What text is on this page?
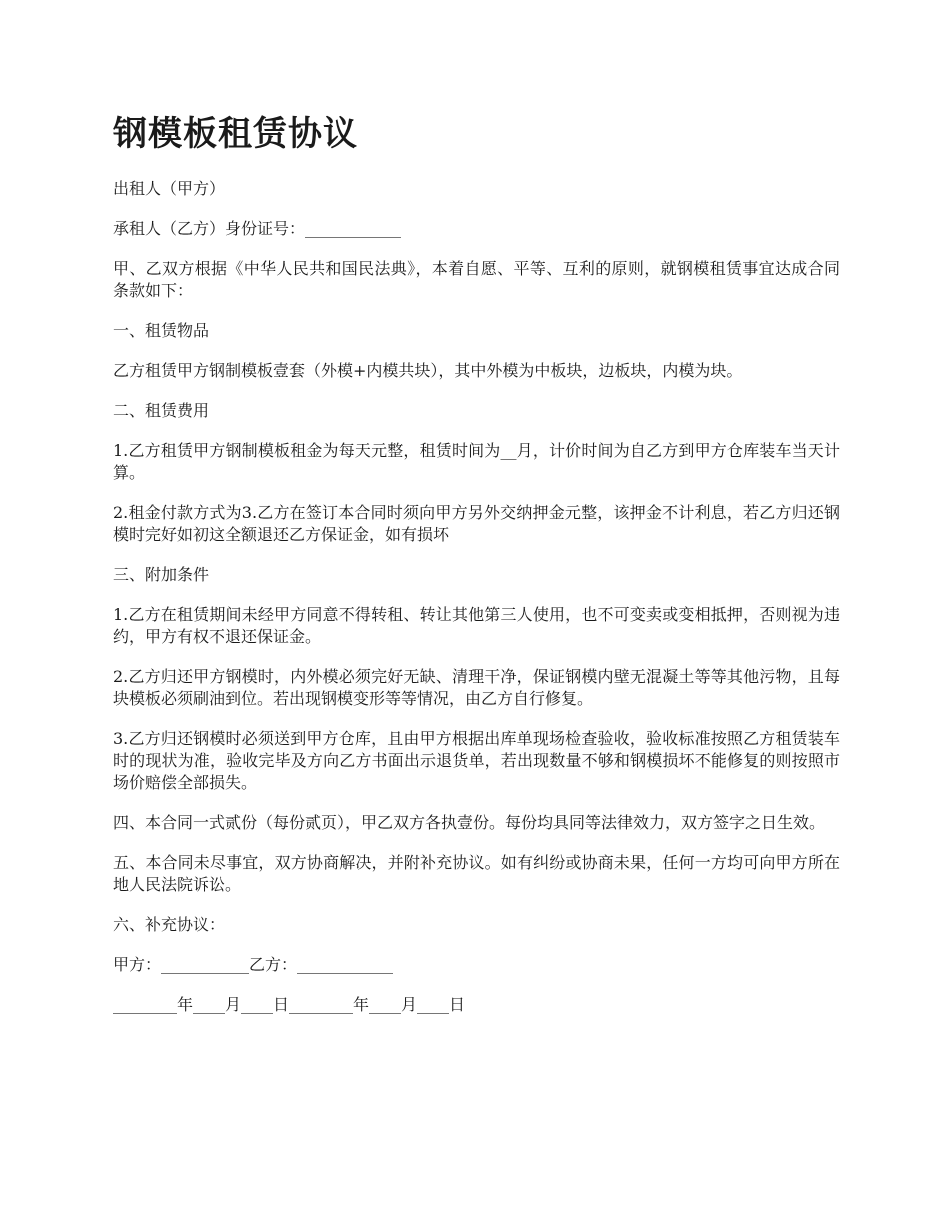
钢模板租赁协议

出租人（甲方）

承租人（乙方）身份证号：____________

甲、乙双方根据《中华人民共和国民法典》，本着自愿、平等、互利的原则，就钢模租赁事宜达成合同条款如下：

一、租赁物品

乙方租赁甲方钢制模板壹套（外模+内模共块），其中外模为中板块，边板块，内模为块。

二、租赁费用

1.乙方租赁甲方钢制模板租金为每天元整，租赁时间为__月，计价时间为自乙方到甲方仓库装车当天计算。

2.租金付款方式为3.乙方在签订本合同时须向甲方另外交纳押金元整，该押金不计利息，若乙方归还钢模时完好如初这全额退还乙方保证金，如有损坏

三、附加条件

1.乙方在租赁期间未经甲方同意不得转租、转让其他第三人使用，也不可变卖或变相抵押，否则视为违约，甲方有权不退还保证金。

2.乙方归还甲方钢模时，内外模必须完好无缺、清理干净，保证钢模内壁无混凝土等等其他污物，且每块模板必须刷油到位。若出现钢模变形等等情况，由乙方自行修复。

3.乙方归还钢模时必须送到甲方仓库，且由甲方根据出库单现场检查验收，验收标准按照乙方租赁装车时的现状为准，验收完毕及方向乙方书面出示退货单，若出现数量不够和钢模损坏不能修复的则按照市场价赔偿全部损失。

四、本合同一式贰份（每份贰页），甲乙双方各执壹份。每份均具同等法律效力，双方签字之日生效。

五、本合同未尽事宜，双方协商解决，并附补充协议。如有纠纷或协商未果，任何一方均可向甲方所在地人民法院诉讼。

六、补充协议：

甲方：___________乙方：____________

________年____月____日________年____月____日
